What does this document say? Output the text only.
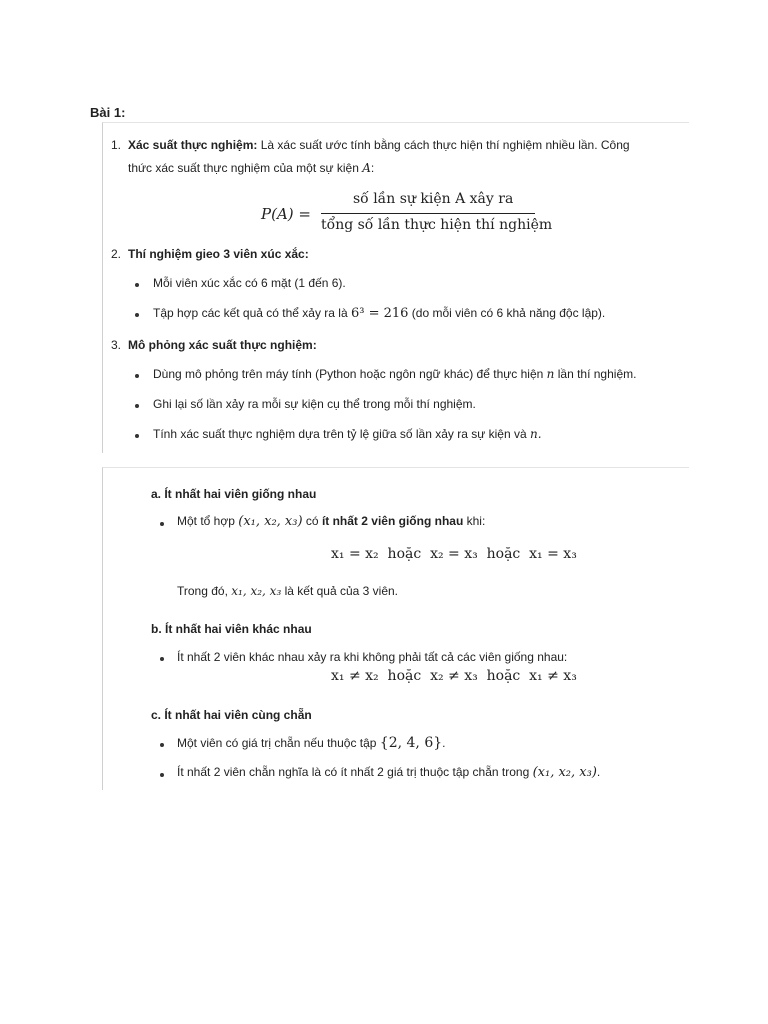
Bài 1:
1. Xác suất thực nghiệm: Là xác suất ước tính bằng cách thực hiện thí nghiệm nhiều lần. Công
thức xác suất thực nghiệm của một sự kiện A:
P(A) =
số lần sự kiện A xây ra
tổng số lần thực hiện thí nghiệm
2. Thí nghiệm gieo 3 viên xúc xắc:
Mỗi viên xúc xắc có 6 mặt (1 đến 6).
Tập hợp các kết quả có thể xảy ra là 6³ = 216 (do mỗi viên có 6 khả năng độc lập).
3. Mô phỏng xác suất thực nghiệm:
Dùng mô phỏng trên máy tính (Python hoặc ngôn ngữ khác) để thực hiện n lần thí nghiệm.
Ghi lại số lần xảy ra mỗi sự kiện cụ thể trong mỗi thí nghiệm.
Tính xác suất thực nghiệm dựa trên tỷ lệ giữa số lần xảy ra sự kiện và n.
a. Ít nhất hai viên giống nhau
Một tổ hợp (x₁, x₂, x₃) có ít nhất 2 viên giống nhau khi:
x₁ = x₂  hoặc  x₂ = x₃  hoặc  x₁ = x₃
Trong đó, x₁, x₂, x₃ là kết quả của 3 viên.
b. Ít nhất hai viên khác nhau
Ít nhất 2 viên khác nhau xảy ra khi không phải tất cả các viên giống nhau:
x₁ ≠ x₂  hoặc  x₂ ≠ x₃  hoặc  x₁ ≠ x₃
c. Ít nhất hai viên cùng chẵn
Một viên có giá trị chẵn nếu thuộc tập {2, 4, 6}.
Ít nhất 2 viên chẵn nghĩa là có ít nhất 2 giá trị thuộc tập chẵn trong (x₁, x₂, x₃).
